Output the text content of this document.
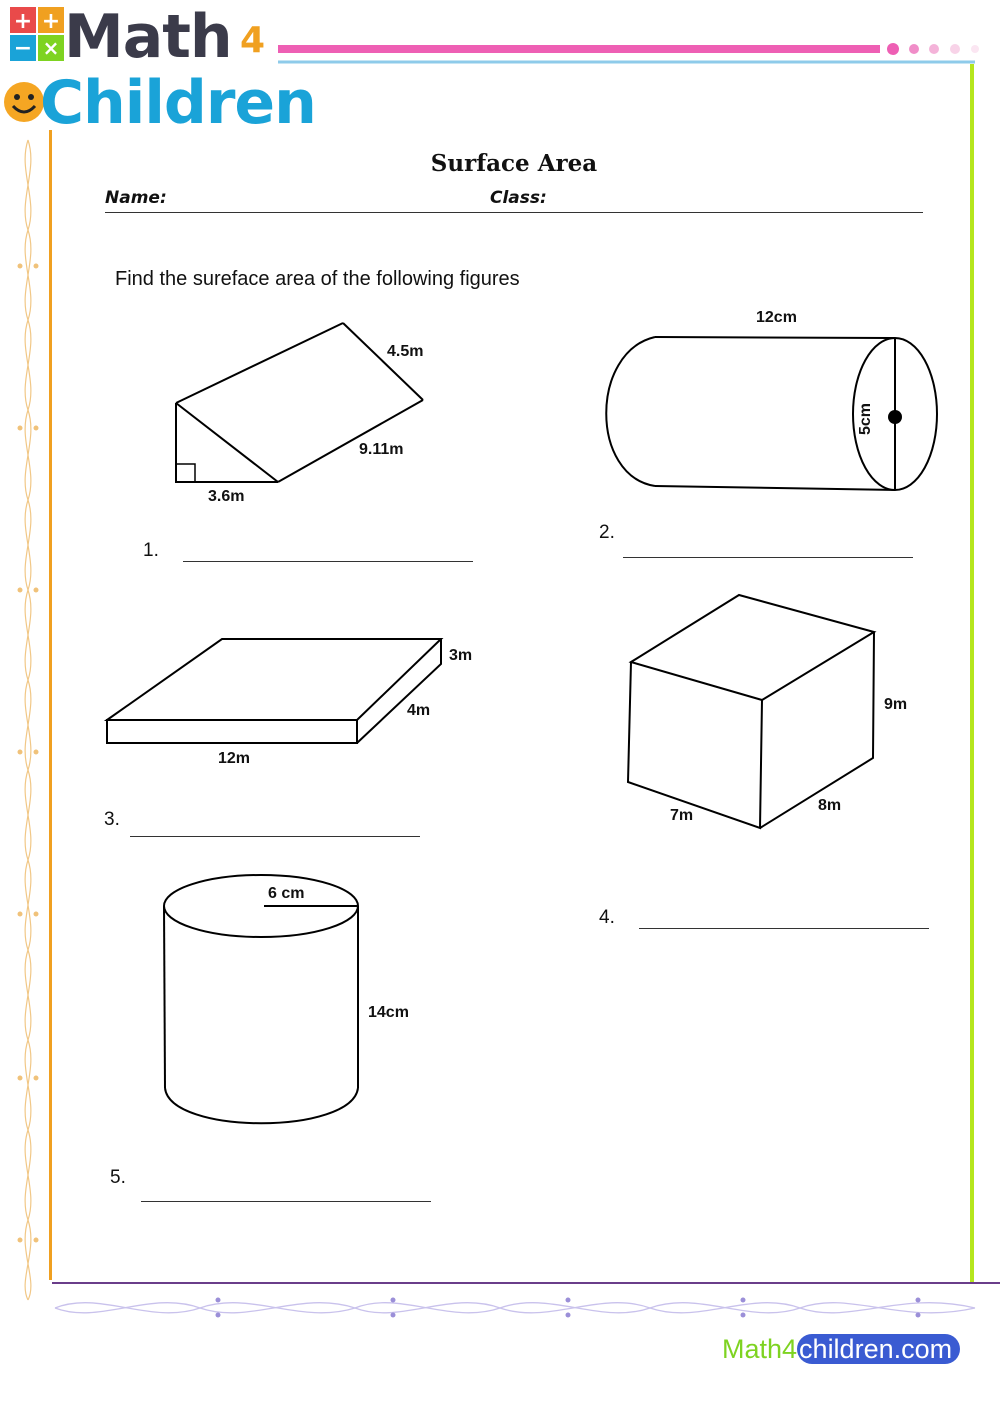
+ +
− × Math 4
Children
Surface Area
Name:	Class:
Find the sureface area of the following figures
4.5m
9.11m
3.6m
1.
12cm
5cm
2.
3m
4m
12m
3.
9m
8m
7m
4.
6 cm
14cm
5.
Math4children.com
